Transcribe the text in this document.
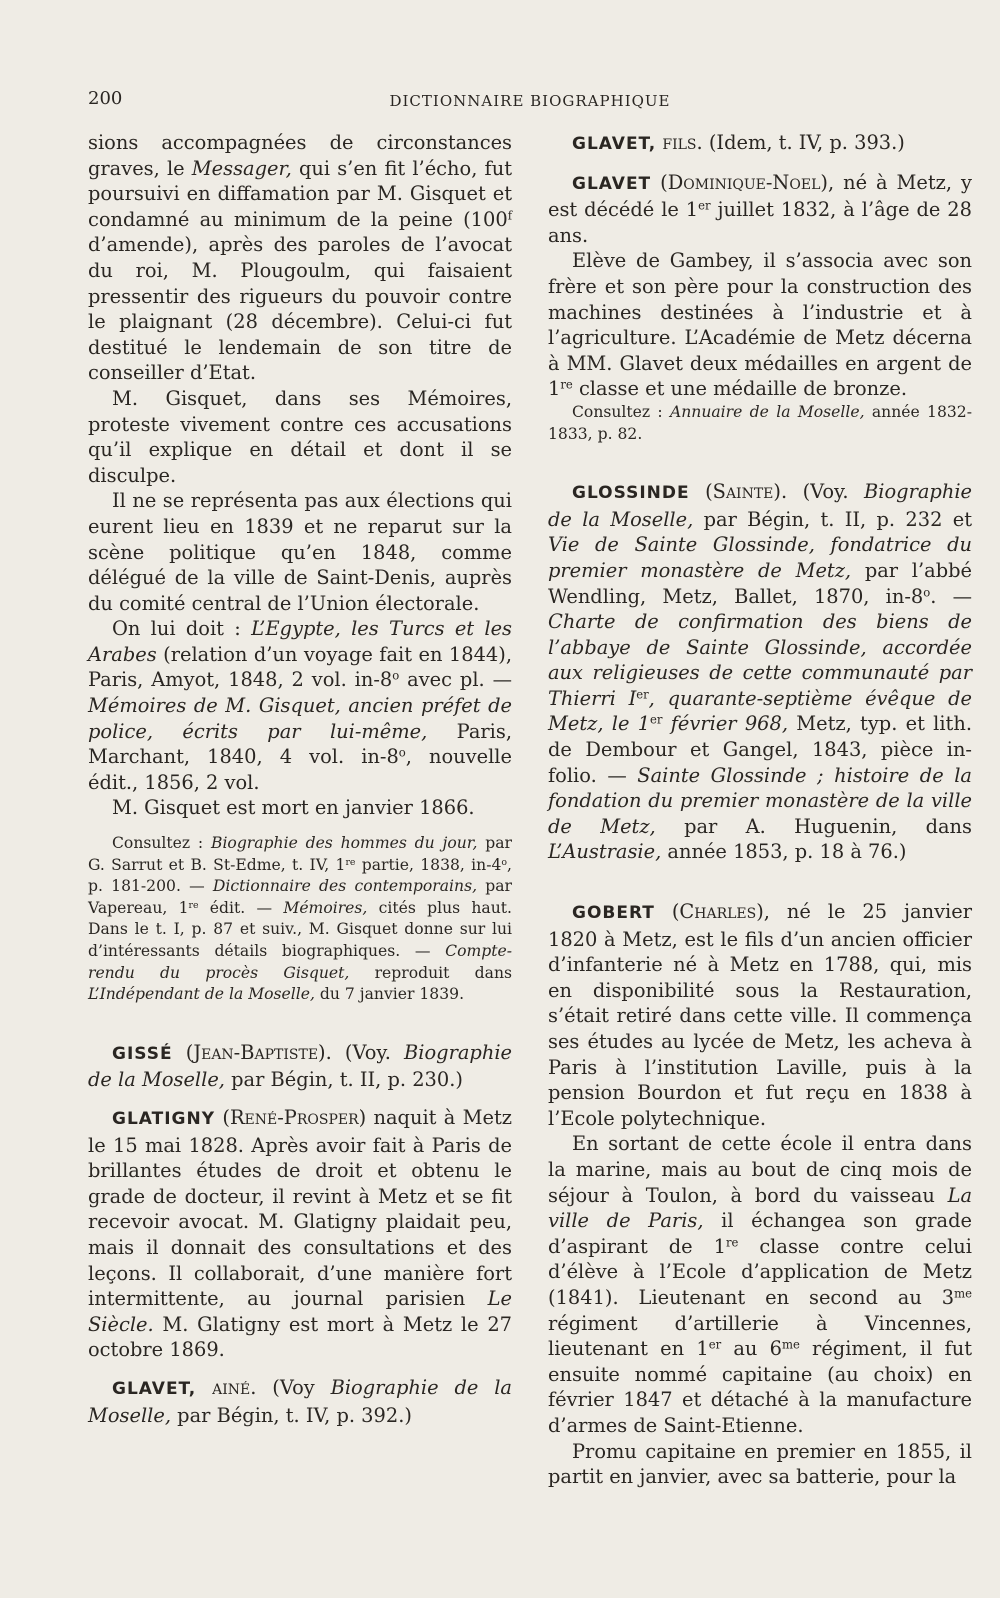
200	DICTIONNAIRE BIOGRAPHIQUE

sions accompagnées de circonstances graves, le Messager, qui s’en fit l’écho, fut poursuivi en diffamation par M. Gisquet et condamné au minimum de la peine (100$^f$ d’amende), après des paroles de l’avocat du roi, M. Plougoulm, qui faisaient pressentir des rigueurs du pouvoir contre le plaignant (28 décembre). Celui-ci fut destitué le lendemain de son titre de conseiller d’Etat.

M. Gisquet, dans ses Mémoires, proteste vivement contre ces accusations qu’il explique en détail et dont il se disculpe.

Il ne se représenta pas aux élections qui eurent lieu en 1839 et ne reparut sur la scène politique qu’en 1848, comme délégué de la ville de Saint-Denis, auprès du comité central de l’Union électorale.

On lui doit : L’Egypte, les Turcs et les Arabes (relation d’un voyage fait en 1844), Paris, Amyot, 1848, 2 vol. in-8$^o$ avec pl. — Mémoires de M. Gisquet, ancien préfet de police, écrits par lui-même, Paris, Marchant, 1840, 4 vol. in-8$^o$, nouvelle édit., 1856, 2 vol.

M. Gisquet est mort en janvier 1866.

Consultez : Biographie des hommes du jour, par G. Sarrut et B. St-Edme, t. IV, 1re partie, 1838, in-4$^o$, p. 181-200. — Dictionnaire des contemporains, par Vapereau, 1re édit. — Mémoires, cités plus haut. Dans le t. I, p. 87 et suiv., M. Gisquet donne sur lui d’intéressants détails biographiques. — Compte-rendu du procès Gisquet, reproduit dans L’Indépendant de la Moselle, du 7 janvier 1839.

GISSÉ (Jean-Baptiste). (Voy. Biographie de la Moselle, par Bégin, t. II, p. 230.)

GLATIGNY (René-Prosper) naquit à Metz le 15 mai 1828. Après avoir fait à Paris de brillantes études de droit et obtenu le grade de docteur, il revint à Metz et se fit recevoir avocat. M. Glatigny plaidait peu, mais il donnait des consultations et des leçons. Il collaborait, d’une manière fort intermittente, au journal parisien Le Siècle. M. Glatigny est mort à Metz le 27 octobre 1869.

GLAVET, ainé. (Voy Biographie de la Moselle, par Bégin, t. IV, p. 392.)

GLAVET, fils. (Idem, t. IV, p. 393.)

GLAVET (Dominique-Noel), né à Metz, y est décédé le 1er juillet 1832, à l’âge de 28 ans.

Elève de Gambey, il s’associa avec son frère et son père pour la construction des machines destinées à l’industrie et à l’agriculture. L’Académie de Metz décerna à MM. Glavet deux médailles en argent de 1re classe et une médaille de bronze.

Consultez : Annuaire de la Moselle, année 1832-1833, p. 82.

GLOSSINDE (Sainte). (Voy. Biographie de la Moselle, par Bégin, t. II, p. 232 et Vie de Sainte Glossinde, fondatrice du premier monastère de Metz, par l’abbé Wendling, Metz, Ballet, 1870, in-8$^o$. — Charte de confirmation des biens de l’abbaye de Sainte Glossinde, accordée aux religieuses de cette communauté par Thierri Ier, quarante-septième évêque de Metz, le 1er février 968, Metz, typ. et lith. de Dembour et Gangel, 1843, pièce in-folio. — Sainte Glossinde ; histoire de la fondation du premier monastère de la ville de Metz, par A. Huguenin, dans L’Austrasie, année 1853, p. 18 à 76.)

GOBERT (Charles), né le 25 janvier 1820 à Metz, est le fils d’un ancien officier d’infanterie né à Metz en 1788, qui, mis en disponibilité sous la Restauration, s’était retiré dans cette ville. Il commença ses études au lycée de Metz, les acheva à Paris à l’institution Laville, puis à la pension Bourdon et fut reçu en 1838 à l’Ecole polytechnique.

En sortant de cette école il entra dans la marine, mais au bout de cinq mois de séjour à Toulon, à bord du vaisseau La ville de Paris, il échangea son grade d’aspirant de 1re classe contre celui d’élève à l’Ecole d’application de Metz (1841). Lieutenant en second au $3^{me}$ régiment d’artillerie à Vincennes, lieutenant en 1er au $6^{me}$ régiment, il fut ensuite nommé capitaine (au choix) en février 1847 et détaché à la manufacture d’armes de Saint-Etienne.

Promu capitaine en premier en 1855, il partit en janvier, avec sa batterie, pour la
